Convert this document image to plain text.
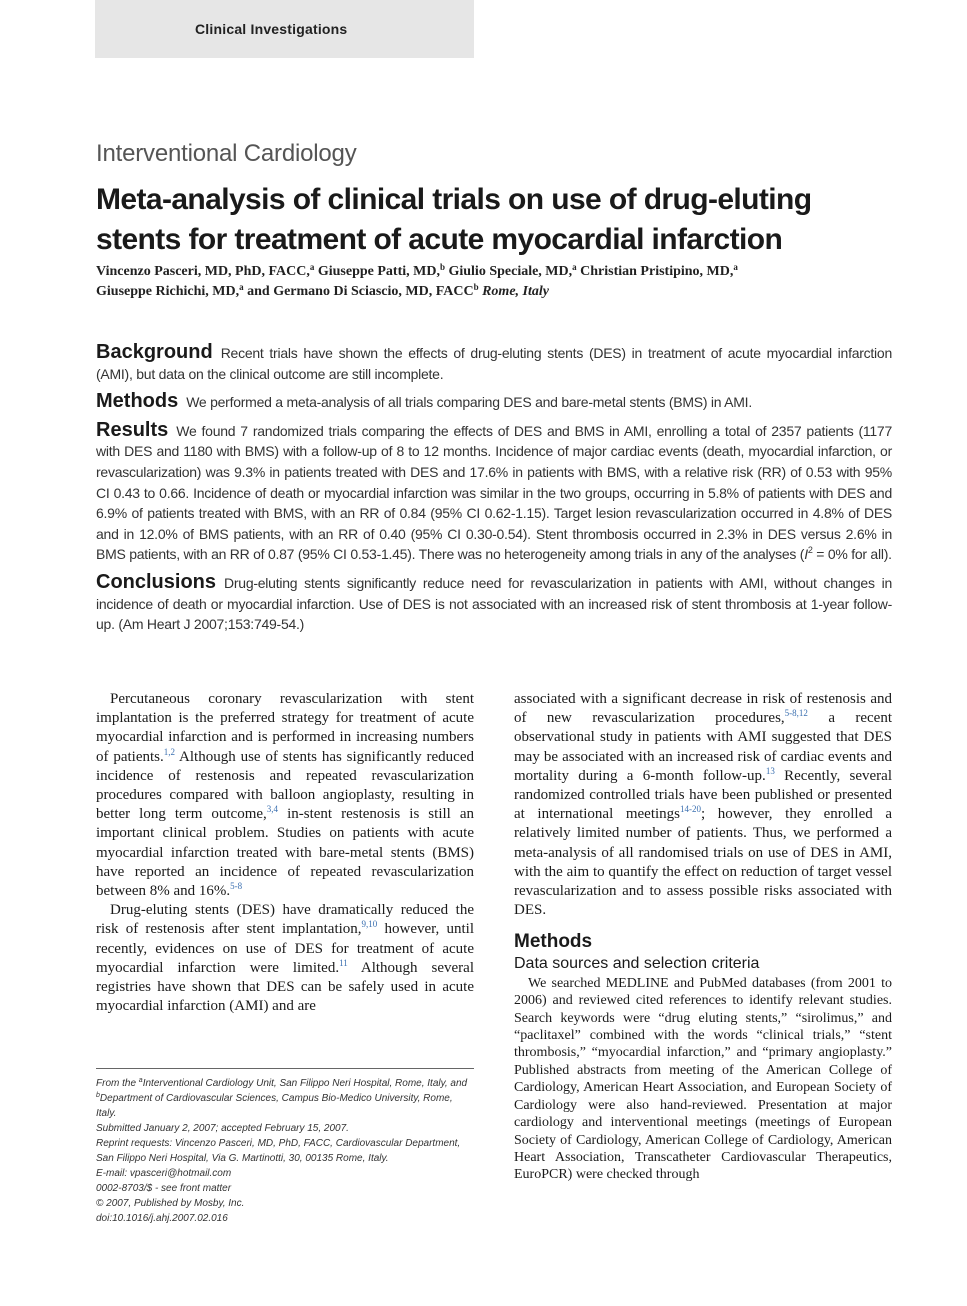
Clinical Investigations
Interventional Cardiology
Meta-analysis of clinical trials on use of drug-eluting stents for treatment of acute myocardial infarction
Vincenzo Pasceri, MD, PhD, FACC,$^a$ Giuseppe Patti, MD,$^b$ Giulio Speciale, MD,$^a$ Christian Pristipino, MD,$^a$
Giuseppe Richichi, MD,$^a$ and Germano Di Sciascio, MD, FACC$^b$ Rome, Italy

Background Recent trials have shown the effects of drug-eluting stents (DES) in treatment of acute myocardial infarction (AMI), but data on the clinical outcome are still incomplete.

Methods We performed a meta-analysis of all trials comparing DES and bare-metal stents (BMS) in AMI.

Results We found 7 randomized trials comparing the effects of DES and BMS in AMI, enrolling a total of 2357 patients (1177 with DES and 1180 with BMS) with a follow-up of 8 to 12 months. Incidence of major cardiac events (death, myocardial infarction, or revascularization) was 9.3% in patients treated with DES and 17.6% in patients with BMS, with a relative risk (RR) of 0.53 with 95% CI 0.43 to 0.66. Incidence of death or myocardial infarction was similar in the two groups, occurring in 5.8% of patients with DES and 6.9% of patients treated with BMS, with an RR of 0.84 (95% CI 0.62-1.15). Target lesion revascularization occurred in 4.8% of DES and in 12.0% of BMS patients, with an RR of 0.40 (95% CI 0.30-0.54). Stent thrombosis occurred in 2.3% in DES versus 2.6% in BMS patients, with an RR of 0.87 (95% CI 0.53-1.45). There was no heterogeneity among trials in any of the analyses ($I^2 = 0\%$ for all).

Conclusions Drug-eluting stents significantly reduce need for revascularization in patients with AMI, without changes in incidence of death or myocardial infarction. Use of DES is not associated with an increased risk of stent thrombosis at 1-year follow-up. (Am Heart J 2007;153:749-54.)

Percutaneous coronary revascularization with stent implantation is the preferred strategy for treatment of acute myocardial infarction and is performed in increasing numbers of patients.$^{1,2}$ Although use of stents has significantly reduced incidence of restenosis and repeated revascularization procedures compared with balloon angioplasty, resulting in better long term outcome,$^{3,4}$ in-stent restenosis is still an important clinical problem. Studies on patients with acute myocardial infarction treated with bare-metal stents (BMS) have reported an incidence of repeated revascularization between 8% and 16%.$^{5-8}$

Drug-eluting stents (DES) have dramatically reduced the risk of restenosis after stent implantation,$^{9,10}$ however, until recently, evidences on use of DES for treatment of acute myocardial infarction were limited.$^{11}$ Although several registries have shown that DES can be safely used in acute myocardial infarction (AMI) and are

associated with a significant decrease in risk of restenosis and of new revascularization procedures,$^{5-8,12}$ a recent observational study in patients with AMI suggested that DES may be associated with an increased risk of cardiac events and mortality during a 6-month follow-up.$^{13}$ Recently, several randomized controlled trials have been published or presented at international meetings$^{14-20}$; however, they enrolled a relatively limited number of patients. Thus, we performed a meta-analysis of all randomised trials on use of DES in AMI, with the aim to quantify the effect on reduction of target vessel revascularization and to assess possible risks associated with DES.

Methods
Data sources and selection criteria

We searched MEDLINE and PubMed databases (from 2001 to 2006) and reviewed cited references to identify relevant studies. Search keywords were “drug eluting stents,” “sirolimus,” and “paclitaxel” combined with the words “clinical trials,” “stent thrombosis,” “myocardial infarction,” and “primary angioplasty.” Published abstracts from meeting of the American College of Cardiology, American Heart Association, and European Society of Cardiology were also hand-reviewed. Presentation at major cardiology and interventional meetings (meetings of European Society of Cardiology, American College of Cardiology, American Heart Association, Transcatheter Cardiovascular Therapeutics, EuroPCR) were checked through

From the $^a$Interventional Cardiology Unit, San Filippo Neri Hospital, Rome, Italy, and $^b$Department of Cardiovascular Sciences, Campus Bio-Medico University, Rome, Italy.
Submitted January 2, 2007; accepted February 15, 2007.
Reprint requests: Vincenzo Pasceri, MD, PhD, FACC, Cardiovascular Department, San Filippo Neri Hospital, Via G. Martinotti, 30, 00135 Rome, Italy.
E-mail: vpasceri@hotmail.com
0002-8703/$ - see front matter
© 2007, Published by Mosby, Inc.
doi:10.1016/j.ahj.2007.02.016
